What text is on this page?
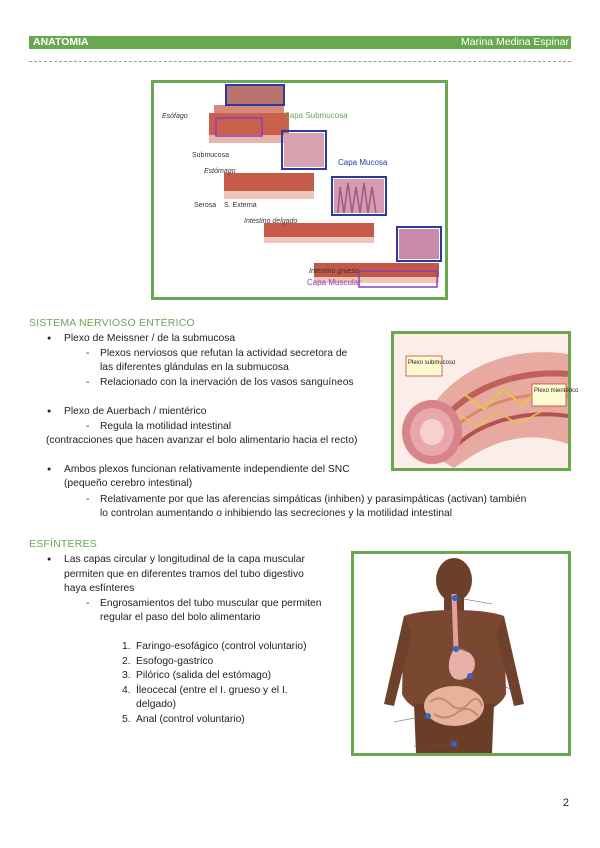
ANATOMIA	Marina Medina Espinar
Esófago
Submucosa
Capa Submucosa
Estómago
Capa Mucosa
Serosa S. Externa
Intestino delgado
Intestino grueso
Capa Muscular
SISTEMA NERVIOSO ENTÉRICO
● Plexo de Meissner / de la submucosa
- Plexos nerviosos que refutan la actividad secretora de
las diferentes glándulas en la submucosa
- Relacionado con la inervación de los vasos sanguíneos
● Plexo de Auerbach / mientérico
- Regula la motilidad intestinal
(contracciones que hacen avanzar el bolo alimentario hacia el recto)
● Ambos plexos funcionan relativamente independiente del SNC
(pequeño cerebro intestinal)
- Relativamente por que las aferencias simpáticas (inhiben) y parasimpáticas (activan) también
lo controlan aumentando o inhibiendo las secreciones y la motilidad intestinal
Plexo submucoso
Plexo mientérico
ESFÍNTERES
● Las capas circular y longitudinal de la capa muscular
permiten que en diferentes tramos del tubo digestivo
haya esfínteres
- Engrosamientos del tubo muscular que permiten
regular el paso del bolo alimentario
1. Faringo-esofágico (control voluntario)
2. Esofogo-gastrico
3. Pilórico (salida del estómago)
4. Íleocecal (entre el I. grueso y el I.
delgado)
5. Anal (control voluntario)
2
